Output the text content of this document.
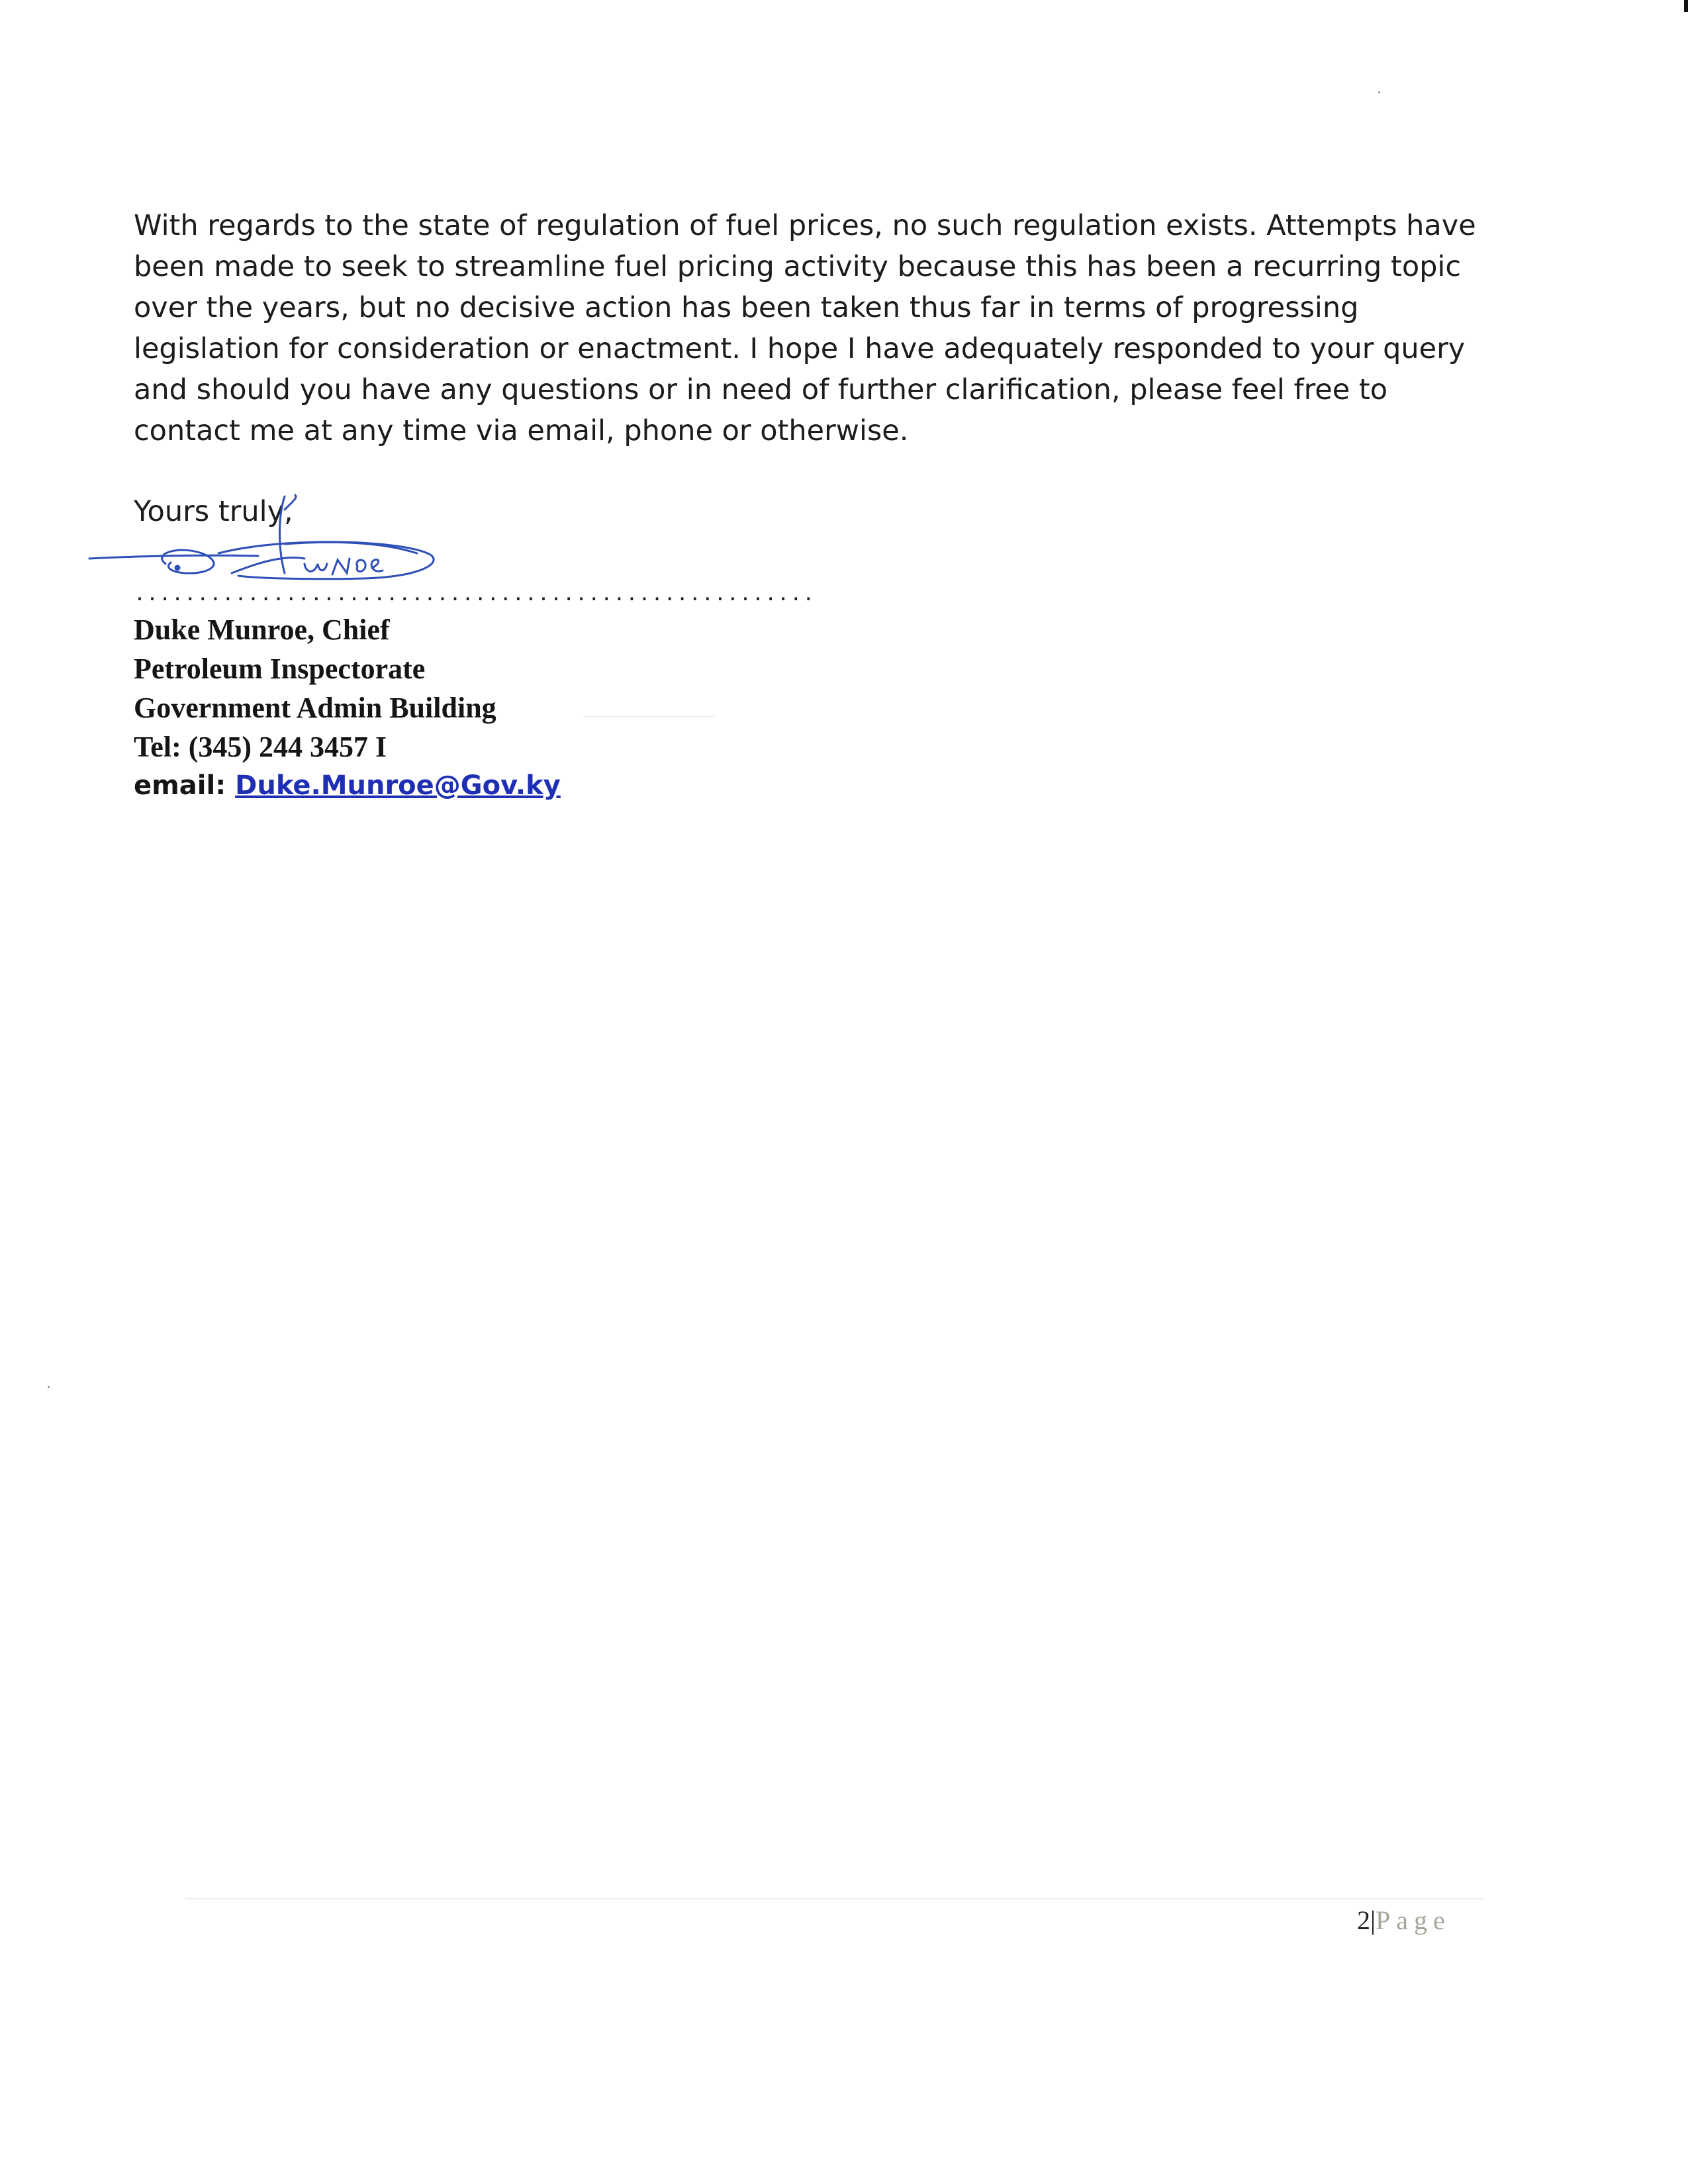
With regards to the state of regulation of fuel prices, no such regulation exists. Attempts have been made to seek to streamline fuel pricing activity because this has been a recurring topic over the years, but no decisive action has been taken thus far in terms of progressing legislation for consideration or enactment. I hope I have adequately responded to your query and should you have any questions or in need of further clarification, please feel free to contact me at any time via email, phone or otherwise.

Yours truly,
......................................................
Duke Munroe, Chief
Petroleum Inspectorate
Government Admin Building
Tel: (345) 244 3457 I
email: Duke.Munroe@Gov.ky
2|Page
